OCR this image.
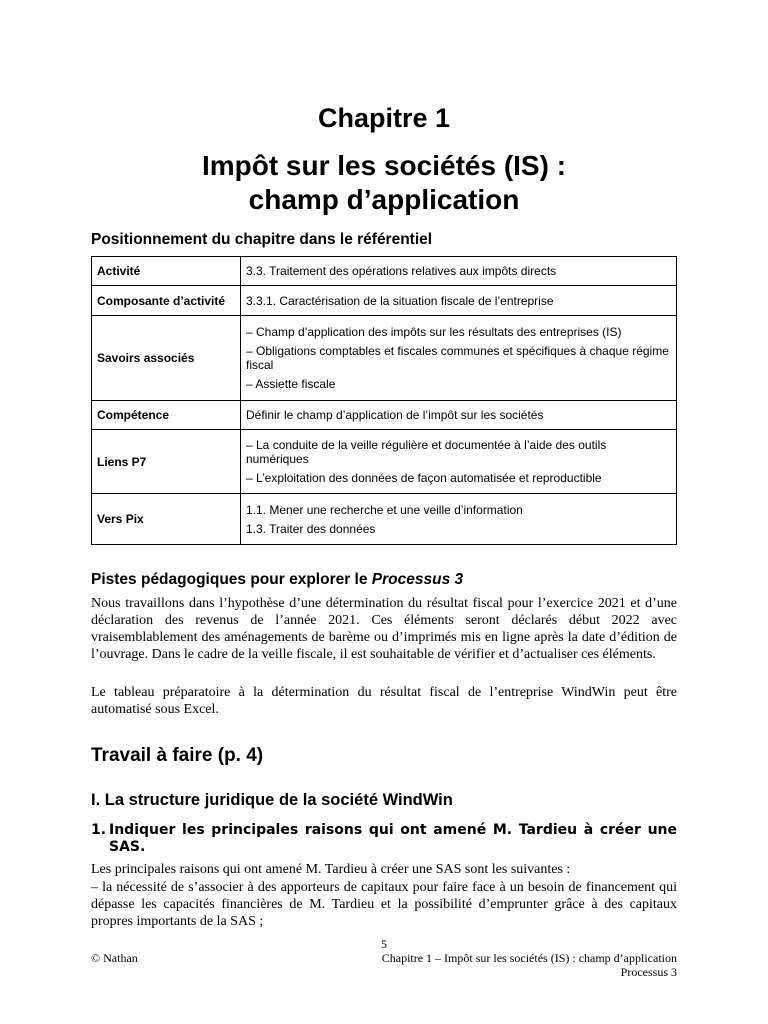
Chapitre 1
Impôt sur les sociétés (IS) :
champ d’application
Positionnement du chapitre dans le référentiel
Activité	3.3. Traitement des opérations relatives aux impôts directs

Composante d’activité	3.3.1. Caractérisation de la situation fiscale de l’entreprise

Savoirs associés	– Champ d’application des impôts sur les résultats des entreprises (IS)

– Obligations comptables et fiscales communes et spécifiques à chaque régime fiscal

– Assiette fiscale

Compétence	Définir le champ d’application de l’impôt sur les sociétés

Liens P7	– La conduite de la veille régulière et documentée à l’aide des outils numériques

– L’exploitation des données de façon automatisée et reproductible

Vers Pix	1.1. Mener une recherche et une veille d’information

1.3. Traiter des données

Pistes pédagogiques pour explorer le Processus 3

Nous travaillons dans l’hypothèse d’une détermination du résultat fiscal pour l’exercice 2021 et d’une déclaration des revenus de l’année 2021. Ces éléments seront déclarés début 2022 avec vraisemblablement des aménagements de barème ou d’imprimés mis en ligne après la date d’édition de l’ouvrage. Dans le cadre de la veille fiscale, il est souhaitable de vérifier et d’actualiser ces éléments.

Le tableau préparatoire à la détermination du résultat fiscal de l’entreprise WindWin peut être automatisé sous Excel.

Travail à faire (p. 4)
I. La structure juridique de la société WindWin
1. Indiquer les principales raisons qui ont amené M. Tardieu à créer une SAS.

Les principales raisons qui ont amené M. Tardieu à créer une SAS sont les suivantes :

– la nécessité de s’associer à des apporteurs de capitaux pour faire face à un besoin de financement qui dépasse les capacités financières de M. Tardieu et la possibilité d’emprunter grâce à des capitaux propres importants de la SAS ;

5
© Nathan	Chapitre 1 – Impôt sur les sociétés (IS) : champ d’application
Processus 3
